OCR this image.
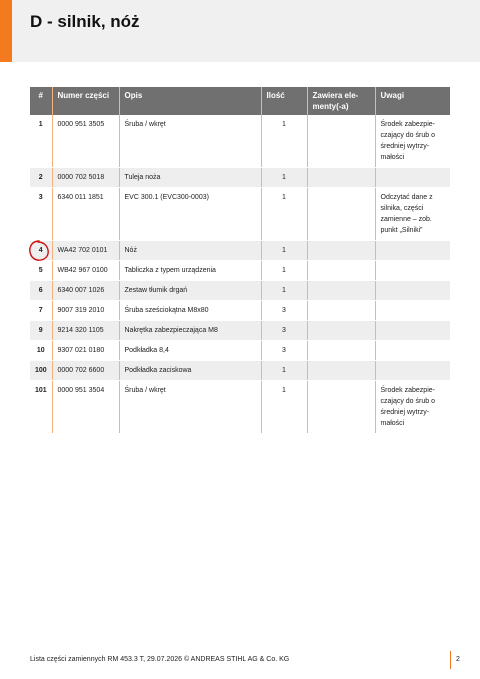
D - silnik, nóż
#	Numer części	Opis	Ilość	Zawiera ele-menty(-a)	Uwagi
1	0000 951 3505	Śruba / wkręt	1		Środek zabezpie-czający do śrub o średniej wytrzy-małości
2	0000 702 5018	Tuleja noża	1		
3	6340 011 1851	EVC 300.1 (EVC300-0003)	1		Odczytać dane z silnika, części zamienne – zob. punkt „Silniki”
4	WA42 702 0101	Nóż	1		
5	WB42 967 0100	Tabliczka z typem urządzenia	1		
6	6340 007 1026	Zestaw tłumik drgań	1		
7	9007 319 2010	Śruba sześciokątna M8x80	3		
9	9214 320 1105	Nakrętka zabezpieczająca M8	3		
10	9307 021 0180	Podkładka 8,4	3		
100	0000 702 6600	Podkładka zaciskowa	1		
101	0000 951 3504	Śruba / wkręt	1		Środek zabezpie-czający do śrub o średniej wytrzy-małości
Lista części zamiennych RM 453.3 T, 29.07.2026 © ANDREAS STIHL AG & Co. KG	2
